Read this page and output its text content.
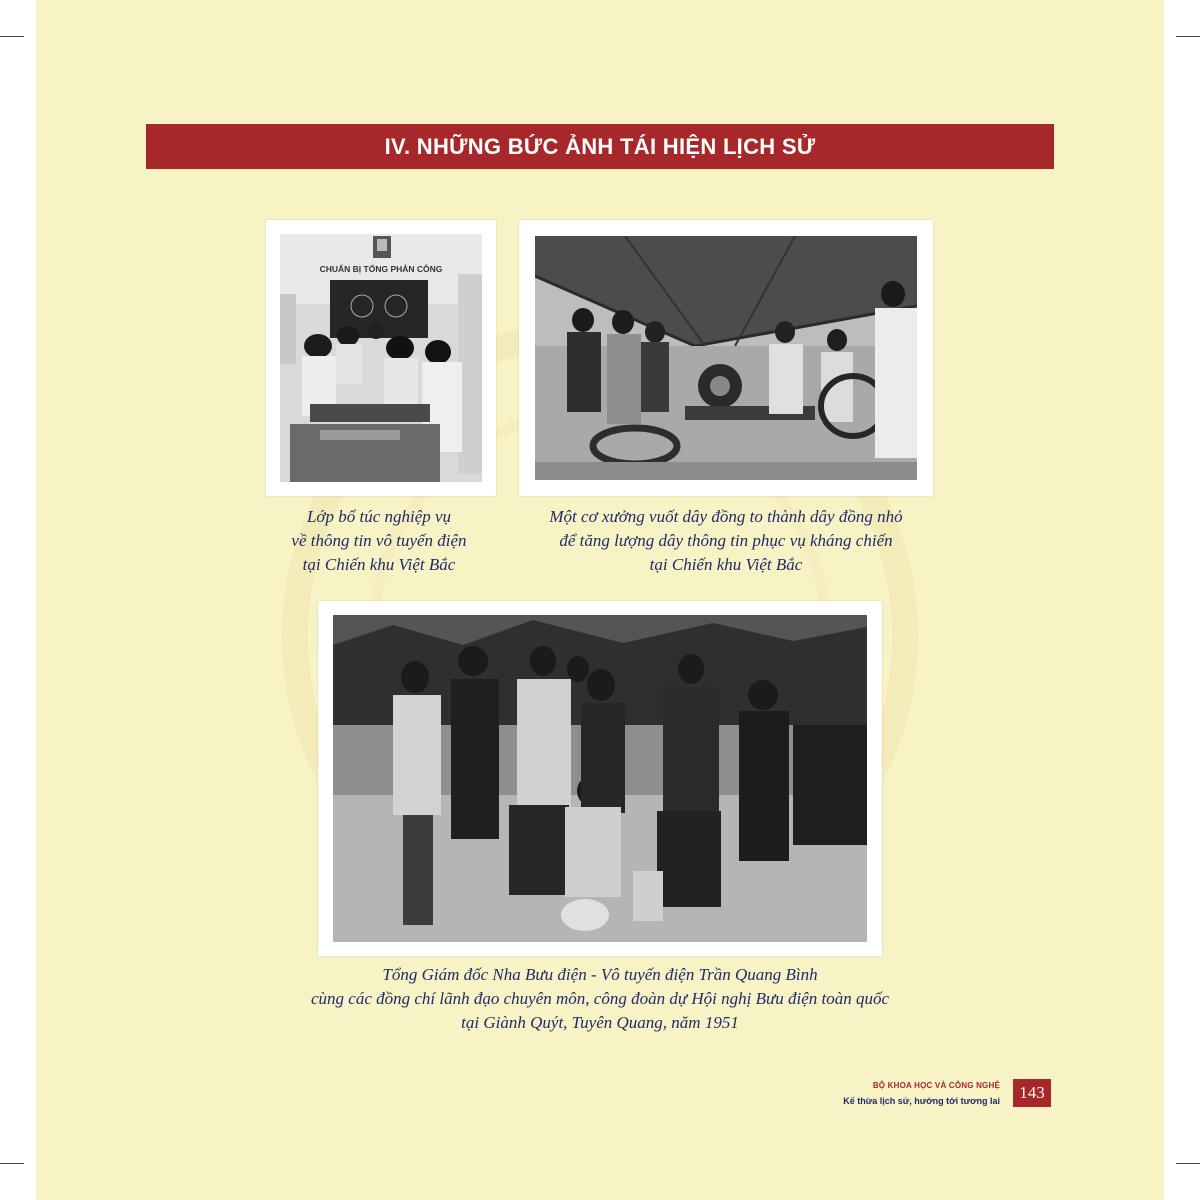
IV. NHỮNG BỨC ẢNH TÁI HIỆN LỊCH SỬ
CHUẨN BỊ TỔNG PHẢN CÔNG
Lớp bổ túc nghiệp vụ
về thông tin vô tuyến điện
tại Chiến khu Việt Bắc
Một cơ xưởng vuốt dây đồng to thành dây đồng nhỏ
để tăng lượng dây thông tin phục vụ kháng chiến
tại Chiến khu Việt Bắc
Tổng Giám đốc Nha Bưu điện - Vô tuyến điện Trần Quang Bình
cùng các đồng chí lãnh đạo chuyên môn, công đoàn dự Hội nghị Bưu điện toàn quốc
tại Giành Quýt, Tuyên Quang, năm 1951
BỘ KHOA HỌC VÀ CÔNG NGHỆ
Kế thừa lịch sử, hướng tới tương lai	143
